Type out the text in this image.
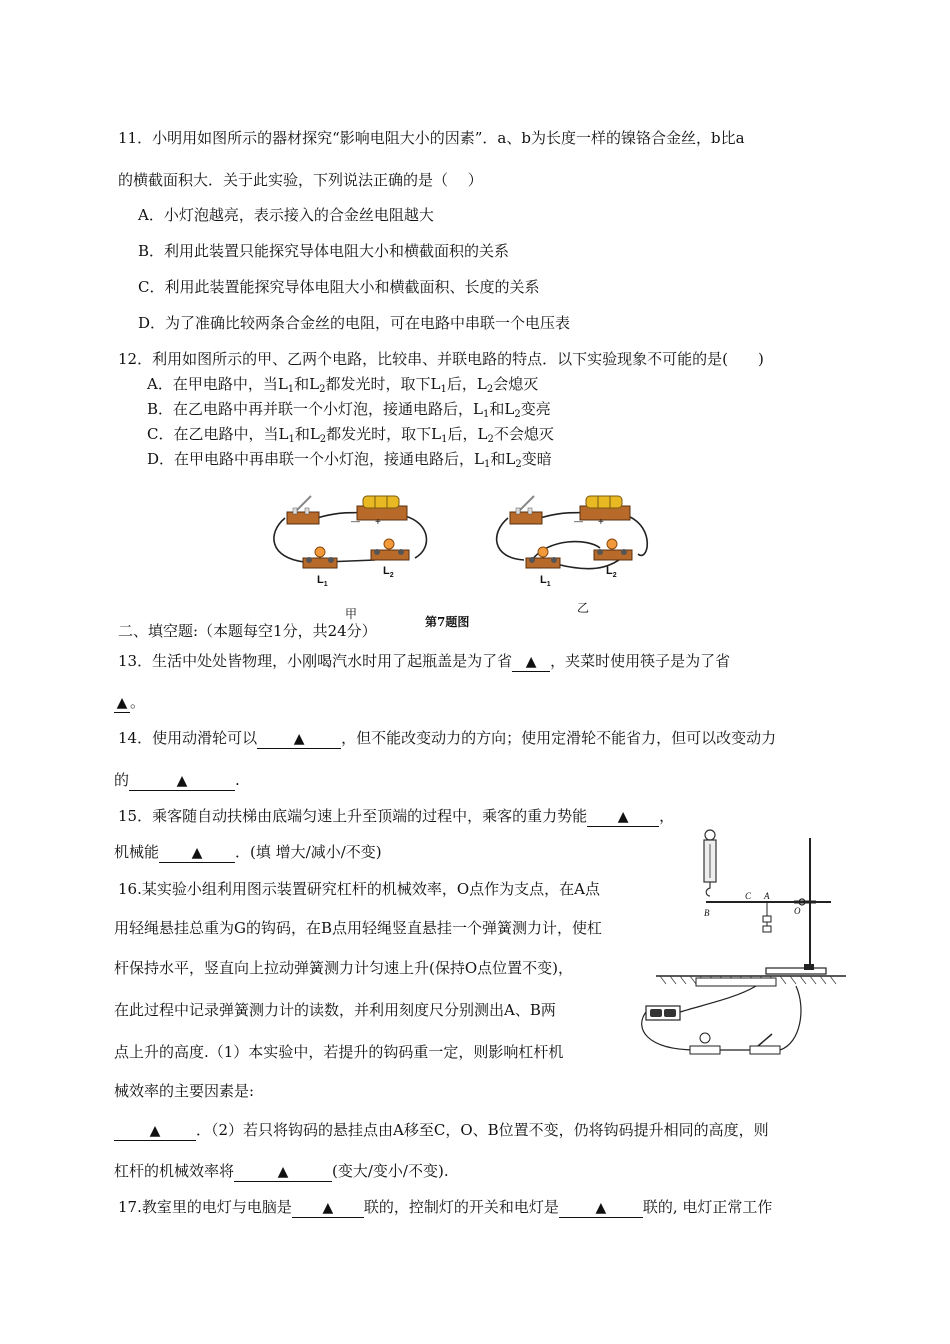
11．小明用如图所示的器材探究“影响电阻大小的因素”．a、b为长度一样的镍铬合金丝，b比a
的横截面积大．关于此实验，下列说法正确的是（　 ）
A．小灯泡越亮，表示接入的合金丝电阻越大
B．利用此装置只能探究导体电阻大小和横截面积的关系
C．利用此装置能探究导体电阻大小和横截面积、长度的关系
D．为了准确比较两条合金丝的电阻，可在电路中串联一个电压表
12．利用如图所示的甲、乙两个电路，比较串、并联电路的特点．以下实验现象不可能的是(　　)
A．在甲电路中，当$L_1$和$L_2$都发光时，取下$L_1$后，$L_2$会熄灭
B．在乙电路中再并联一个小灯泡，接通电路后，$L_1$和$L_2$变亮
C．在乙电路中，当$L_1$和$L_2$都发光时，取下$L_1$后，$L_2$不会熄灭
D．在甲电路中再串联一个小灯泡，接通电路后，$L_1$和$L_2$变暗
— +
$L_1$
$L_2$
— +
$L_1$
$L_2$
甲	乙
第7题图
二、填空题:（本题每空1分，共24分）
13．生活中处处皆物理，小刚喝汽水时用了起瓶盖是为了省 ▲ ，夹菜时使用筷子是为了省
▲ 。
14．使用动滑轮可以	▲ ，但不能改变动力的方向；使用定滑轮不能省力，但可以改变动力
的	▲	.
15．乘客随自动扶梯由底端匀速上升至顶端的过程中，乘客的重力势能 ▲ ，
机械能 ▲ ．(填 增大/减小/不变)
B
C A
O
16.某实验小组利用图示装置研究杠杆的机械效率，O点作为支点，在A点
用轻绳悬挂总重为G的钩码，在B点用轻绳竖直悬挂一个弹簧测力计，使杠
杆保持水平，竖直向上拉动弹簧测力计匀速上升(保持O点位置不变)，
在此过程中记录弹簧测力计的读数，并利用刻度尺分别测出A、B两
点上升的高度.（1）本实验中，若提升的钩码重一定，则影响杠杆机
械效率的主要因素是:
▲ ．（2）若只将钩码的悬挂点由A移至C，O、B位置不变，仍将钩码提升相同的高度，则
杠杆的机械效率将	▲	(变大/变小/不变).
17.教室里的电灯与电脑是 ▲ 联的，控制灯的开关和电灯是	▲ 联的, 电灯正常工作
